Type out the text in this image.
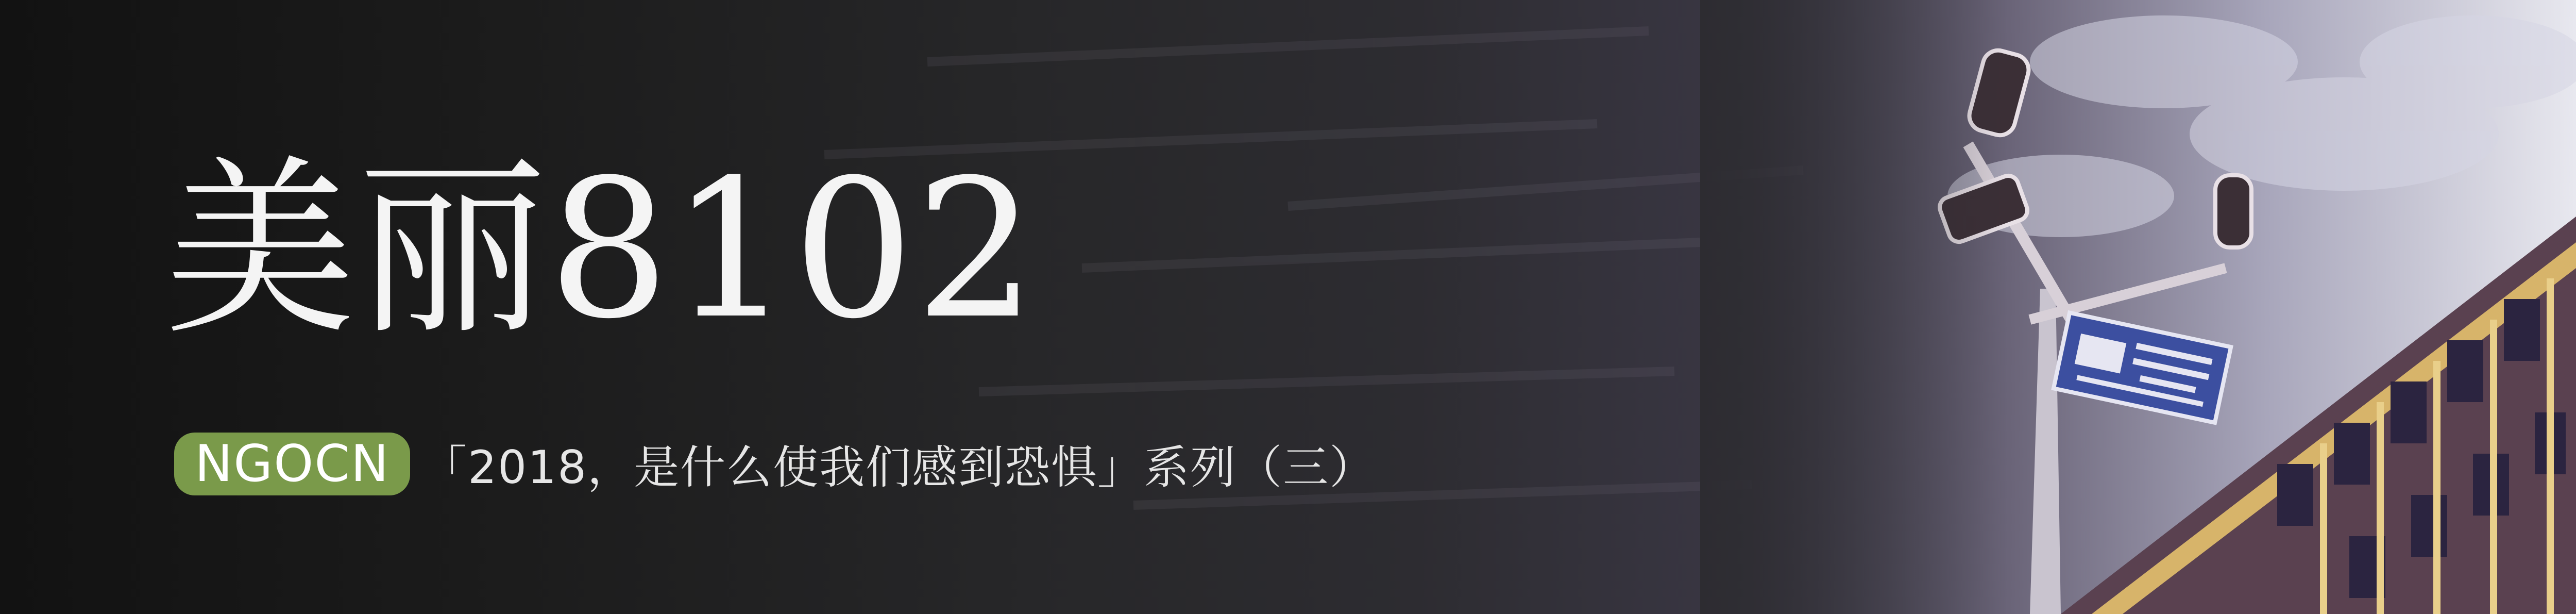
美丽8102
NGOCN 「2018，是什么使我们感到恐惧」系列（三）
